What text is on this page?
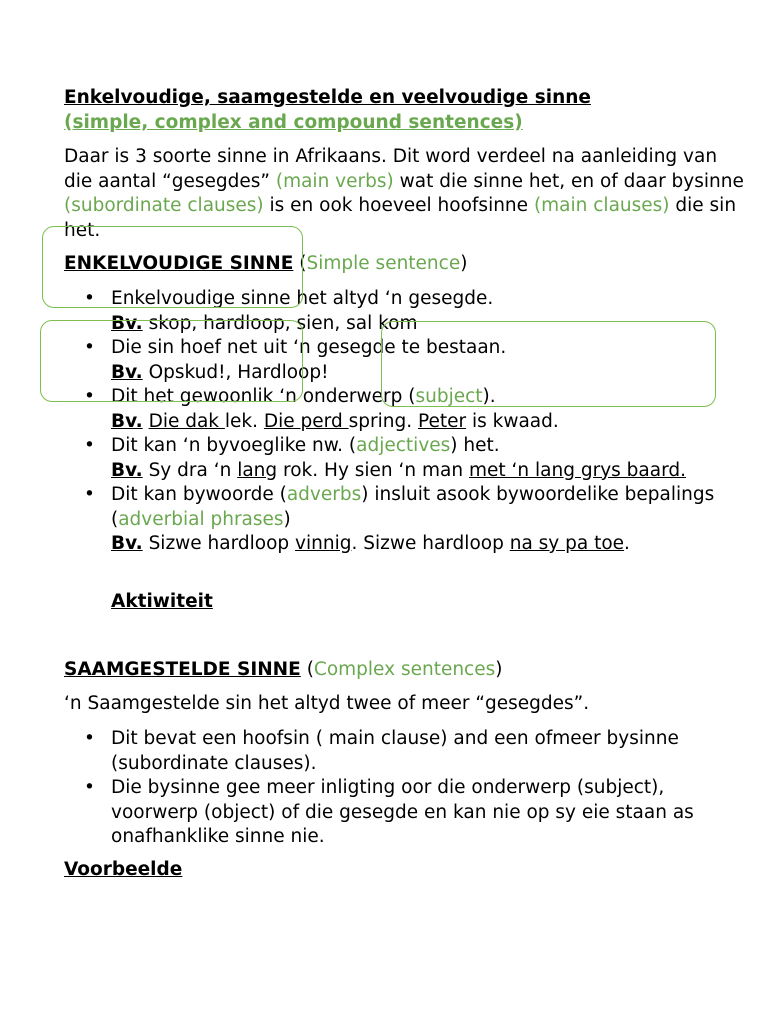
Enkelvoudige, saamgestelde en veelvoudige sinne
(simple, complex and compound sentences)

Daar is 3 soorte sinne in Afrikaans. Dit word verdeel na aanleiding van die aantal “gesegdes” (main verbs) wat die sinne het, en of daar bysinne (subordinate clauses) is en ook hoeveel hoofsinne (main clauses) die sin het.

ENKELVOUDIGE SINNE (Simple sentence)
• Enkelvoudige sinne het altyd ‘n gesegde.
Bv. skop, hardloop, sien, sal kom
• Die sin hoef net uit ‘n gesegde te bestaan.
Bv. Opskud!, Hardloop!
• Dit het gewoonlik ‘n onderwerp (subject).
Bv. Die dak lek. Die perd spring. Peter is kwaad.
• Dit kan ‘n byvoeglike nw. (adjectives) het.
Bv. Sy dra ‘n lang rok. Hy sien ‘n man met ‘n lang grys baard.
• Dit kan bywoorde (adverbs) insluit asook bywoordelike bepalings (adverbial phrases)
Bv. Sizwe hardloop vinnig. Sizwe hardloop na sy pa toe.
Aktiwiteit
SAAMGESTELDE SINNE (Complex sentences)
‘n Saamgestelde sin het altyd twee of meer “gesegdes”.
• Dit bevat een hoofsin ( main clause) and een ofmeer bysinne (subordinate clauses).
• Die bysinne gee meer inligting oor die onderwerp (subject), voorwerp (object) of die gesegde en kan nie op sy eie staan as onafhanklike sinne nie.
Voorbeelde
